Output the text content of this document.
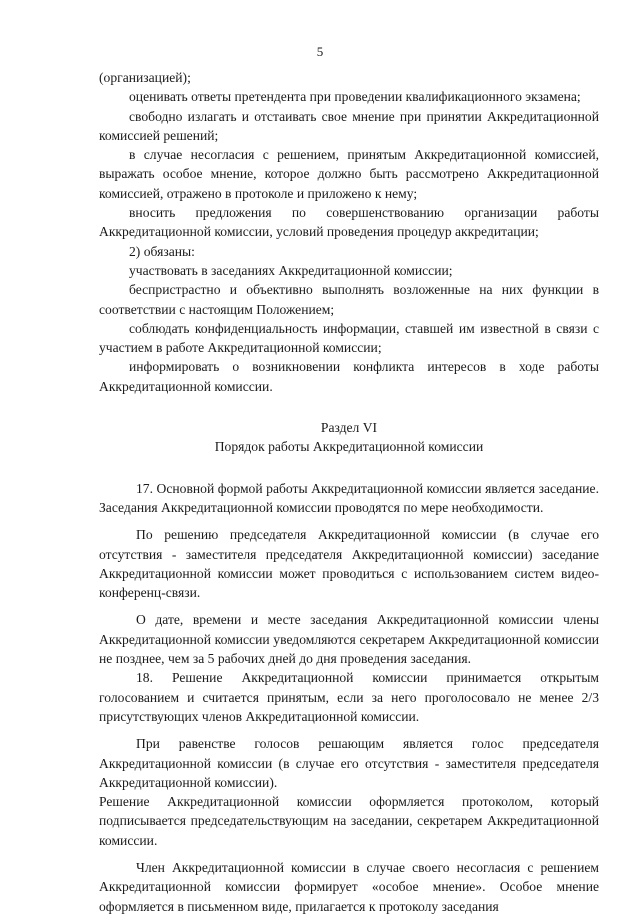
5

(организацией);

оценивать ответы претендента при проведении квалификационного экзамена;

свободно излагать и отстаивать свое мнение при принятии Аккредитационной комиссией решений;

в случае несогласия с решением, принятым Аккредитационной комиссией, выражать особое мнение, которое должно быть рассмотрено Аккредитационной комиссией, отражено в протоколе и приложено к нему;

вносить предложения по совершенствованию организации работы Аккредитационной комиссии, условий проведения процедур аккредитации;

2) обязаны:

участвовать в заседаниях Аккредитационной комиссии;

беспристрастно и объективно выполнять возложенные на них функции в соответствии с настоящим Положением;

соблюдать конфиденциальность информации, ставшей им известной в связи с участием в работе Аккредитационной комиссии;

информировать о возникновении конфликта интересов в ходе работы Аккредитационной комиссии.

Раздел VI

Порядок работы Аккредитационной комиссии

17. Основной формой работы Аккредитационной комиссии является заседание. Заседания Аккредитационной комиссии проводятся по мере необходимости.

По решению председателя Аккредитационной комиссии (в случае его отсутствия - заместителя председателя Аккредитационной комиссии) заседание Аккредитационной комиссии может проводиться с использованием систем видео-конференц-связи.

О дате, времени и месте заседания Аккредитационной комиссии члены Аккредитационной комиссии уведомляются секретарем Аккредитационной комиссии не позднее, чем за 5 рабочих дней до дня проведения заседания.

18. Решение Аккредитационной комиссии принимается открытым голосованием и считается принятым, если за него проголосовало не менее 2/3 присутствующих членов Аккредитационной комиссии.

При равенстве голосов решающим является голос председателя Аккредитационной комиссии (в случае его отсутствия - заместителя председателя Аккредитационной комиссии).

Решение Аккредитационной комиссии оформляется протоколом, который подписывается председательствующим на заседании, секретарем Аккредитационной комиссии.

Член Аккредитационной комиссии в случае своего несогласия с решением Аккредитационной комиссии формирует «особое мнение». Особое мнение оформляется в письменном виде, прилагается к протоколу заседания
